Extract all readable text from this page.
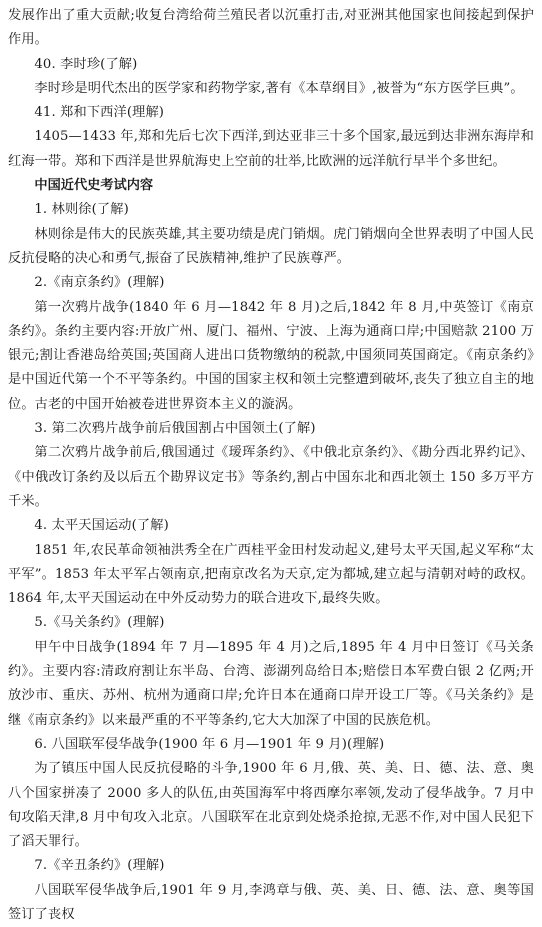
发展作出了重大贡献;收复台湾给荷兰殖民者以沉重打击,对亚洲其他国家也间接起到保护作用。

40. 李时珍(了解)

李时珍是明代杰出的医学家和药物学家,著有《本草纲目》,被誉为“东方医学巨典”。

41. 郑和下西洋(理解)

1405—1433 年,郑和先后七次下西洋,到达亚非三十多个国家,最远到达非洲东海岸和红海一带。郑和下西洋是世界航海史上空前的壮举,比欧洲的远洋航行早半个多世纪。

中国近代史考试内容

1. 林则徐(了解)

林则徐是伟大的民族英雄,其主要功绩是虎门销烟。虎门销烟向全世界表明了中国人民反抗侵略的决心和勇气,振奋了民族精神,维护了民族尊严。

2.《南京条约》(理解)

第一次鸦片战争(1840 年 6 月—1842 年 8 月)之后,1842 年 8 月,中英签订《南京条约》。条约主要内容:开放广州、厦门、福州、宁波、上海为通商口岸;中国赔款 2100 万银元;割让香港岛给英国;英国商人进出口货物缴纳的税款,中国须同英国商定。《南京条约》是中国近代第一个不平等条约。中国的国家主权和领土完整遭到破坏,丧失了独立自主的地位。古老的中国开始被卷进世界资本主义的漩涡。

3. 第二次鸦片战争前后俄国割占中国领土(了解)

第二次鸦片战争前后,俄国通过《瑷珲条约》、《中俄北京条约》、《勘分西北界约记》、《中俄改订条约及以后五个勘界议定书》等条约,割占中国东北和西北领土 150 多万平方千米。

4. 太平天国运动(了解)

1851 年,农民革命领袖洪秀全在广西桂平金田村发动起义,建号太平天国,起义军称“太平军”。1853 年太平军占领南京,把南京改名为天京,定为都城,建立起与清朝对峙的政权。1864 年,太平天国运动在中外反动势力的联合进攻下,最终失败。

5.《马关条约》(理解)

甲午中日战争(1894 年 7 月—1895 年 4 月)之后,1895 年 4 月中日签订《马关条约》。主要内容:清政府割让东半岛、台湾、澎湖列岛给日本;赔偿日本军费白银 2 亿两;开放沙市、重庆、苏州、杭州为通商口岸;允许日本在通商口岸开设工厂等。《马关条约》是继《南京条约》以来最严重的不平等条约,它大大加深了中国的民族危机。

6. 八国联军侵华战争(1900 年 6 月—1901 年 9 月)(理解)

为了镇压中国人民反抗侵略的斗争,1900 年 6 月,俄、英、美、日、德、法、意、奥八个国家拼凑了 2000 多人的队伍,由英国海军中将西摩尔率领,发动了侵华战争。7 月中旬攻陷天津,8 月中旬攻入北京。八国联军在北京到处烧杀抢掠,无恶不作,对中国人民犯下了滔天罪行。

7.《辛丑条约》(理解)

八国联军侵华战争后,1901 年 9 月,李鸿章与俄、英、美、日、德、法、意、奥等国签订了丧权
